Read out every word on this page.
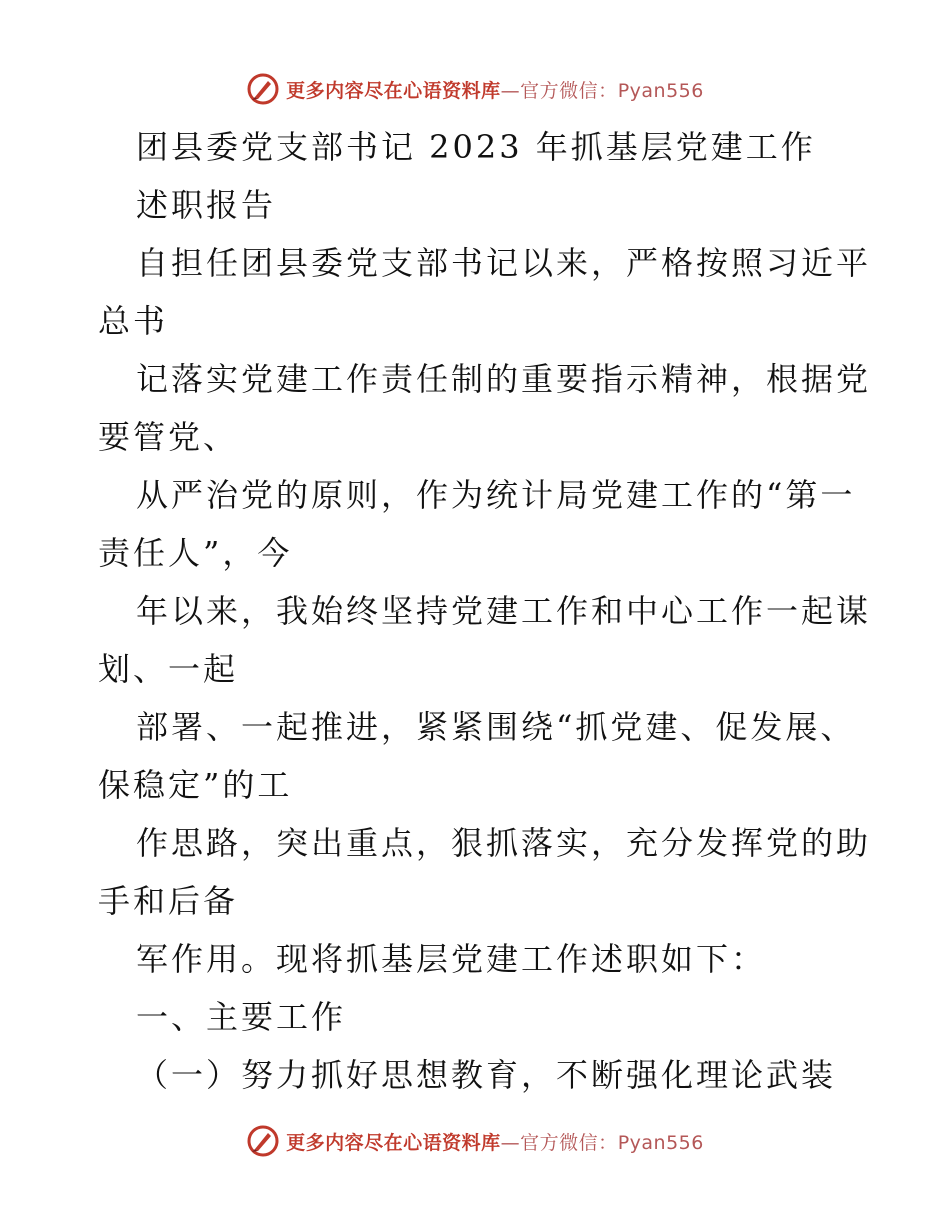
更多内容尽在心语资料库—官方微信：Pyan556
团县委党支部书记 2023 年抓基层党建工作
述职报告
自担任团县委党支部书记以来，严格按照习近平
总书
记落实党建工作责任制的重要指示精神，根据党
要管党、
从严治党的原则，作为统计局党建工作的“第一
责任人”，今
年以来，我始终坚持党建工作和中心工作一起谋
划、一起
部署、一起推进，紧紧围绕“抓党建、促发展、
保稳定”的工
作思路，突出重点，狠抓落实，充分发挥党的助
手和后备
军作用。现将抓基层党建工作述职如下：
一、主要工作
（一）努力抓好思想教育，不断强化理论武装
更多内容尽在心语资料库—官方微信：Pyan556
